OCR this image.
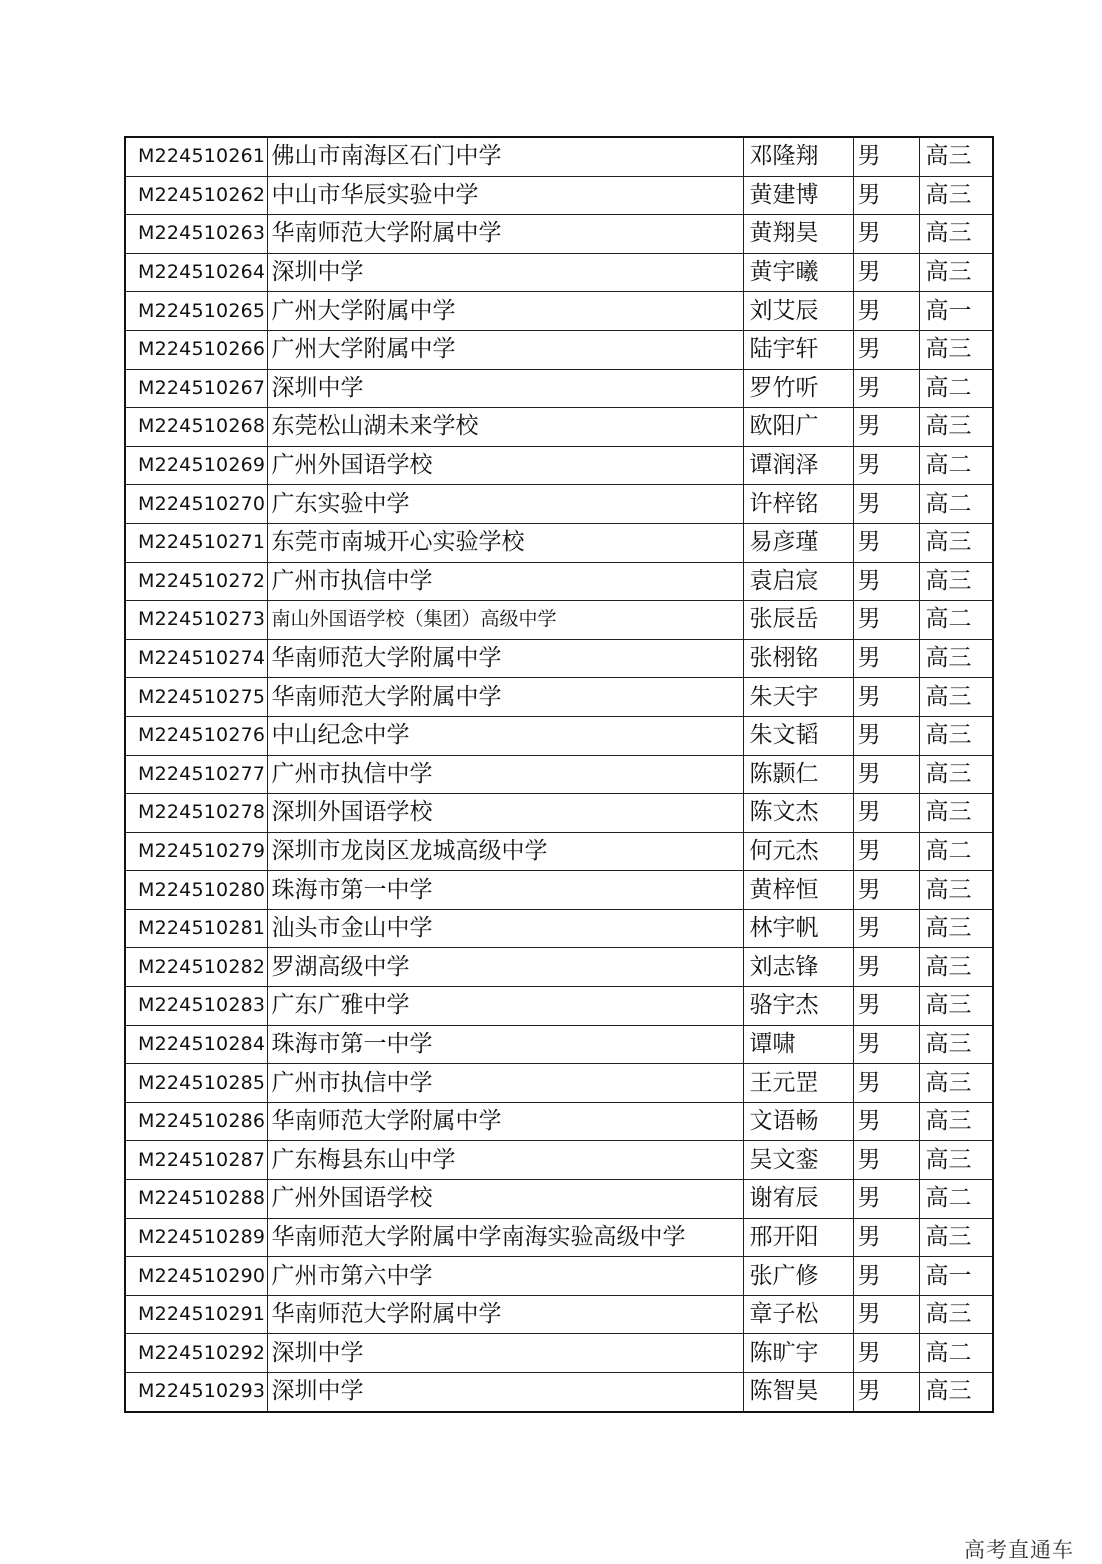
M224510261	佛山市南海区石门中学	邓隆翔	男	高三
M224510262	中山市华辰实验中学	黄建博	男	高三
M224510263	华南师范大学附属中学	黄翔昊	男	高三
M224510264	深圳中学	黄宇曦	男	高三
M224510265	广州大学附属中学	刘艾辰	男	高一
M224510266	广州大学附属中学	陆宇轩	男	高三
M224510267	深圳中学	罗竹听	男	高二
M224510268	东莞松山湖未来学校	欧阳广	男	高三
M224510269	广州外国语学校	谭润泽	男	高二
M224510270	广东实验中学	许梓铭	男	高二
M224510271	东莞市南城开心实验学校	易彦瑾	男	高三
M224510272	广州市执信中学	袁启宸	男	高三
M224510273	南山外国语学校（集团）高级中学	张辰岳	男	高二
M224510274	华南师范大学附属中学	张栩铭	男	高三
M224510275	华南师范大学附属中学	朱天宇	男	高三
M224510276	中山纪念中学	朱文韬	男	高三
M224510277	广州市执信中学	陈颢仁	男	高三
M224510278	深圳外国语学校	陈文杰	男	高三
M224510279	深圳市龙岗区龙城高级中学	何元杰	男	高二
M224510280	珠海市第一中学	黄梓恒	男	高三
M224510281	汕头市金山中学	林宇帆	男	高三
M224510282	罗湖高级中学	刘志锋	男	高三
M224510283	广东广雅中学	骆宇杰	男	高三
M224510284	珠海市第一中学	谭啸	男	高三
M224510285	广州市执信中学	王元罡	男	高三
M224510286	华南师范大学附属中学	文语畅	男	高三
M224510287	广东梅县东山中学	吴文銮	男	高三
M224510288	广州外国语学校	谢宥辰	男	高二
M224510289	华南师范大学附属中学南海实验高级中学	邢开阳	男	高三
M224510290	广州市第六中学	张广修	男	高一
M224510291	华南师范大学附属中学	章子松	男	高三
M224510292	深圳中学	陈旷宇	男	高二
M224510293	深圳中学	陈智昊	男	高三
高考直通车
